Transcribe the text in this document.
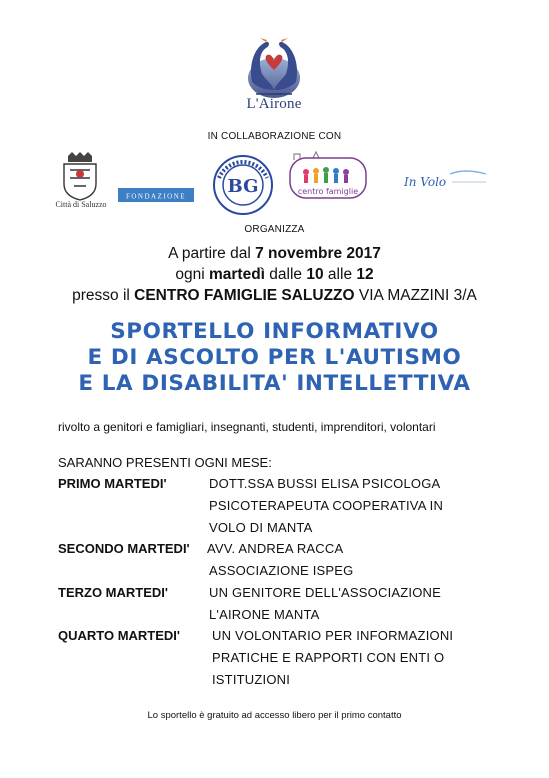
L'Airone
IN COLLABORAZIONE CON
Città di Saluzzo
FONDAZIONE BG	centro famiglie
In Volo
ORGANIZZA
A partire dal 7 novembre 2017
ogni martedì dalle 10 alle 12
presso il CENTRO FAMIGLIE SALUZZO VIA MAZZINI 3/A
SPORTELLO INFORMATIVO
E DI ASCOLTO PER L'AUTISMO
E LA DISABILITA' INTELLETTIVA
rivolto a genitori e famigliari, insegnanti, studenti, imprenditori, volontari
SARANNO PRESENTI OGNI MESE:
PRIMO MARTEDI'	DOTT.SSA BUSSI ELISA PSICOLOGA
PSICOTERAPEUTA COOPERATIVA IN
VOLO DI MANTA
SECONDO MARTEDI' AVV. ANDREA RACCA
ASSOCIAZIONE ISPEG
TERZO MARTEDI'	UN GENITORE DELL'ASSOCIAZIONE
L'AIRONE MANTA
QUARTO MARTEDI' UN VOLONTARIO PER INFORMAZIONI
PRATICHE E RAPPORTI CON ENTI O
ISTITUZIONI
Lo sportello è gratuito ad accesso libero per il primo contatto
